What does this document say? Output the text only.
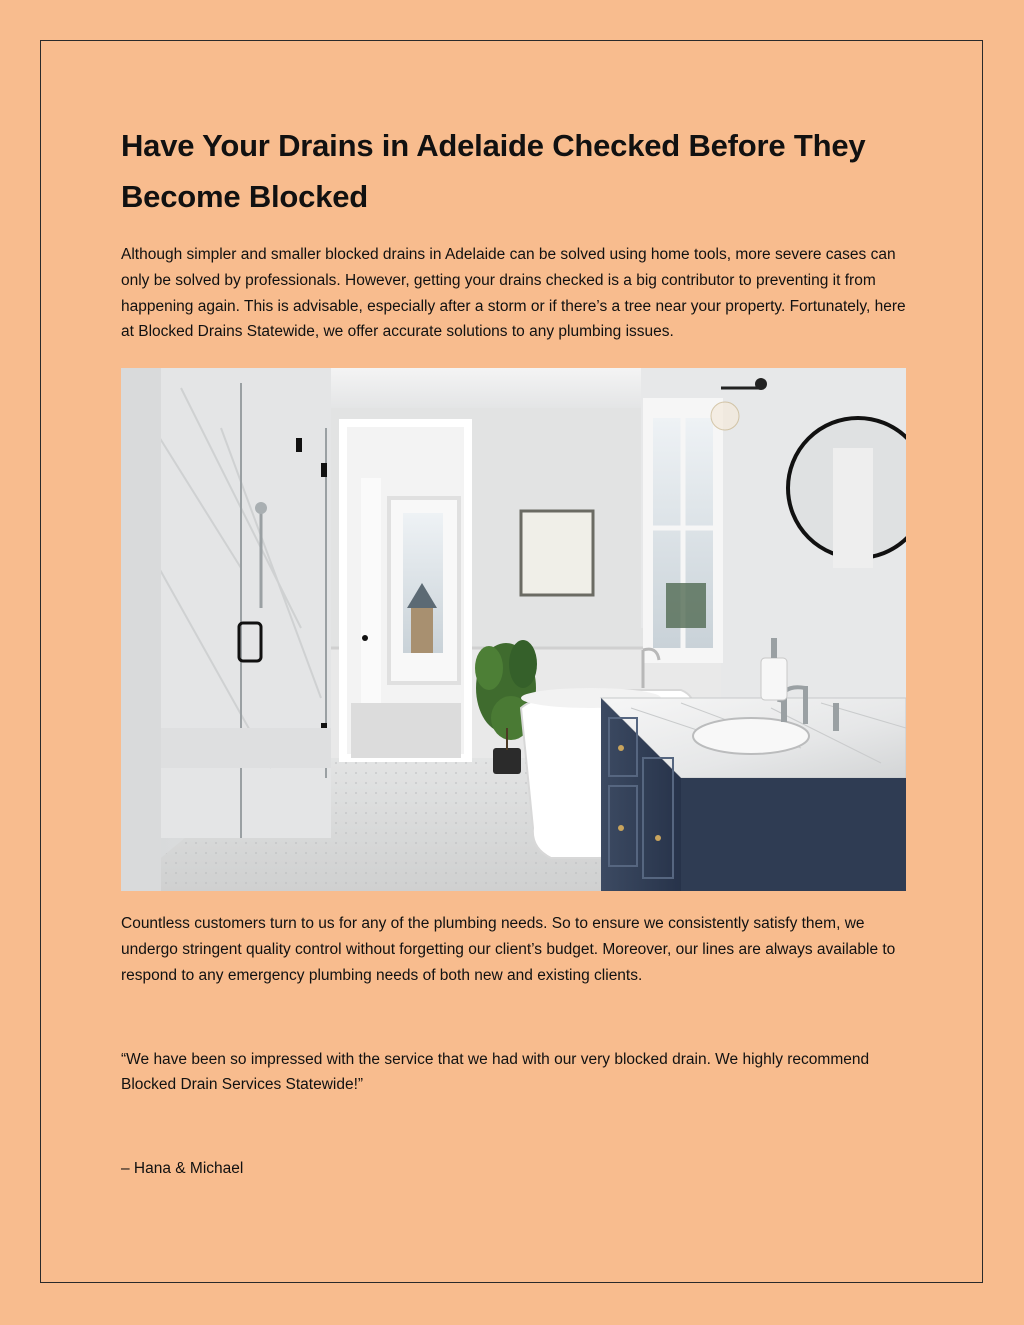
Have Your Drains in Adelaide Checked Before They Become Blocked

Although simpler and smaller blocked drains in Adelaide can be solved using home tools, more severe cases can only be solved by professionals. However, getting your drains checked is a big contributor to preventing it from happening again. This is advisable, especially after a storm or if there’s a tree near your property. Fortunately, here at Blocked Drains Statewide, we offer accurate solutions to any plumbing issues.

Countless customers turn to us for any of the plumbing needs. So to ensure we consistently satisfy them, we undergo stringent quality control without forgetting our client’s budget. Moreover, our lines are always available to respond to any emergency plumbing needs of both new and existing clients.

“We have been so impressed with the service that we had with our very blocked drain. We highly recommend Blocked Drain Services Statewide!”

– Hana & Michael
